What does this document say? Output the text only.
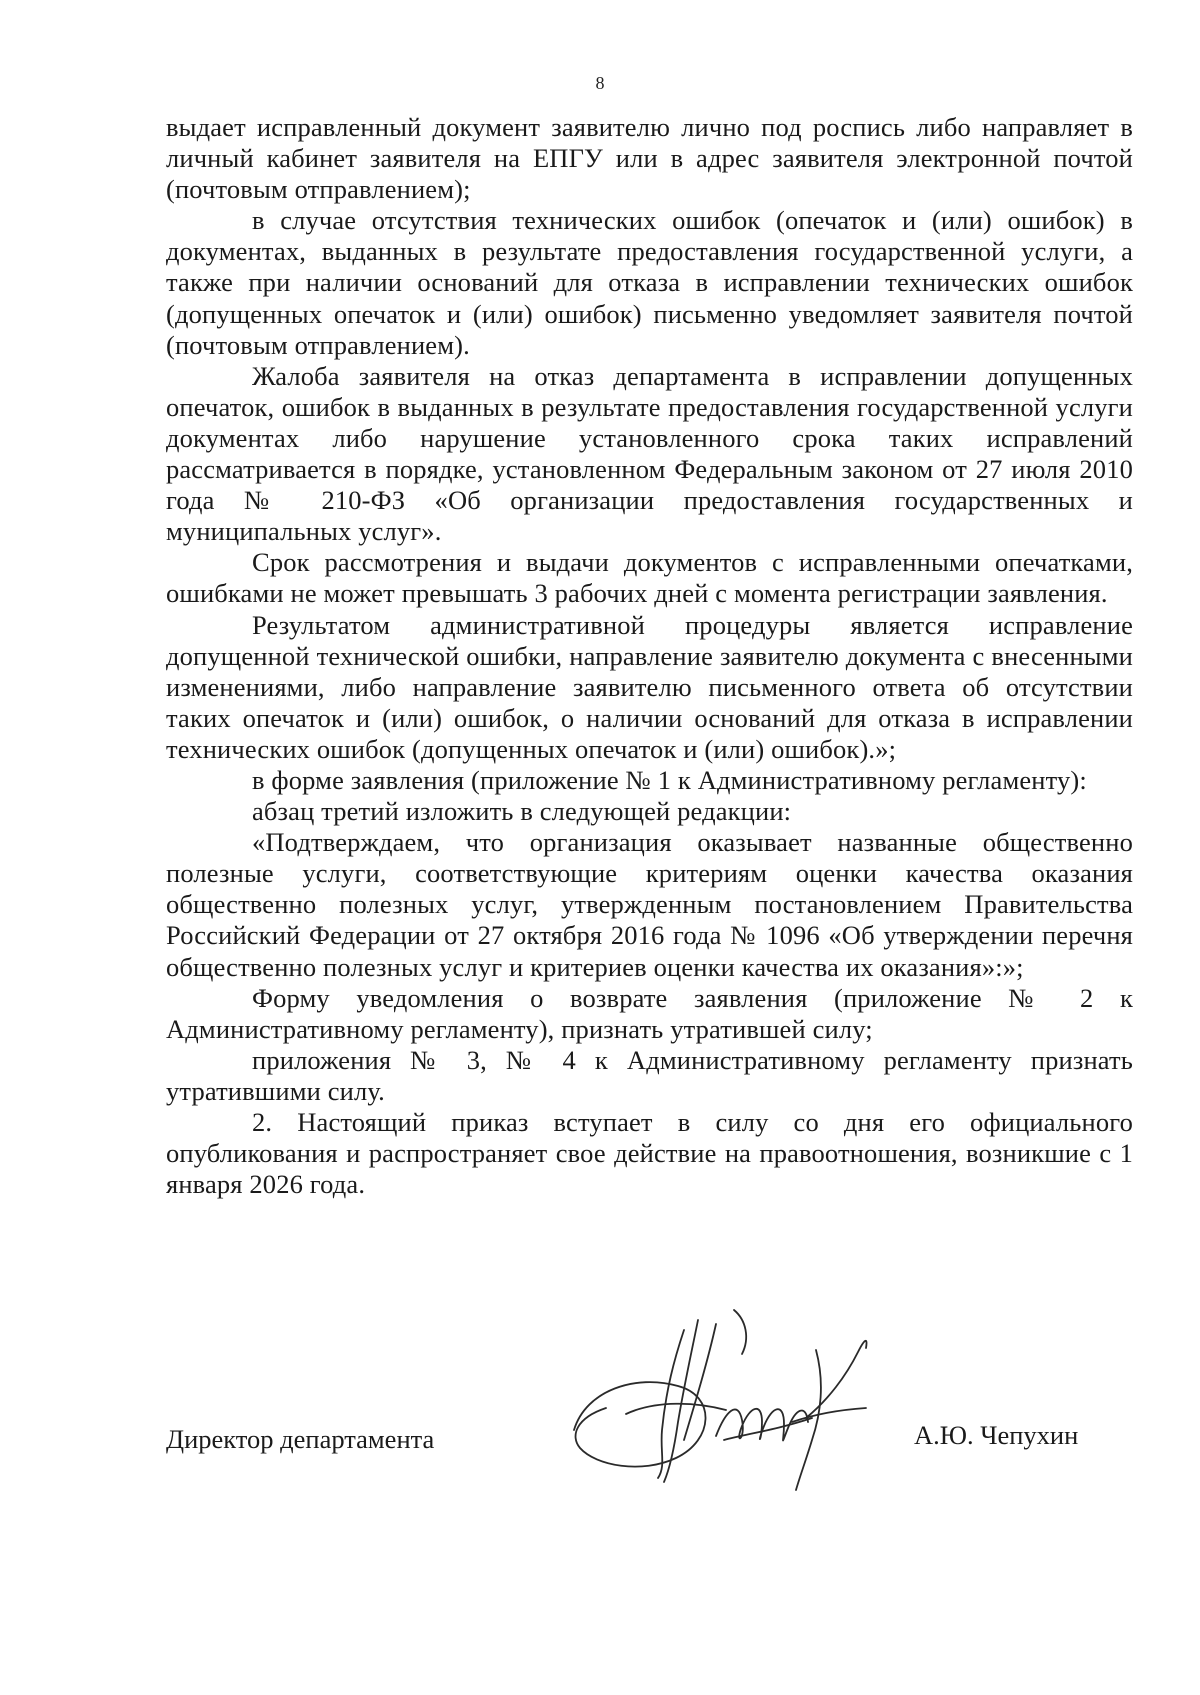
8

выдает исправленный документ заявителю лично под роспись либо направляет в личный кабинет заявителя на ЕПГУ или в адрес заявителя электронной почтой (почтовым отправлением);

в случае отсутствия технических ошибок (опечаток и (или) ошибок) в документах, выданных в результате предоставления государственной услуги, а также при наличии оснований для отказа в исправлении технических ошибок (допущенных опечаток и (или) ошибок) письменно уведомляет заявителя почтой (почтовым отправлением).

Жалоба заявителя на отказ департамента в исправлении допущенных опечаток, ошибок в выданных в результате предоставления государственной услуги документах либо нарушение установленного срока таких исправлений рассматривается в порядке, установленном Федеральным законом от 27 июля 2010 года № 210-ФЗ «Об организации предоставления государственных и муниципальных услуг».

Срок рассмотрения и выдачи документов с исправленными опечатками, ошибками не может превышать 3 рабочих дней с момента регистрации заявления.

Результатом административной процедуры является исправление допущенной технической ошибки, направление заявителю документа с внесенными изменениями, либо направление заявителю письменного ответа об отсутствии таких опечаток и (или) ошибок, о наличии оснований для отказа в исправлении технических ошибок (допущенных опечаток и (или) ошибок).»;

в форме заявления (приложение № 1 к Административному регламенту):

абзац третий изложить в следующей редакции:

«Подтверждаем, что организация оказывает названные общественно полезные услуги, соответствующие критериям оценки качества оказания общественно полезных услуг, утвержденным постановлением Правительства Российский Федерации от 27 октября 2016 года № 1096 «Об утверждении перечня общественно полезных услуг и критериев оценки качества их оказания»:»;

Форму уведомления о возврате заявления (приложение № 2 к Административному регламенту), признать утратившей силу;

приложения № 3, № 4 к Административному регламенту признать утратившими силу.

2. Настоящий приказ вступает в силу со дня его официального опубликования и распространяет свое действие на правоотношения, возникшие с 1 января 2026 года.

Директор департамента	А.Ю. Чепухин
